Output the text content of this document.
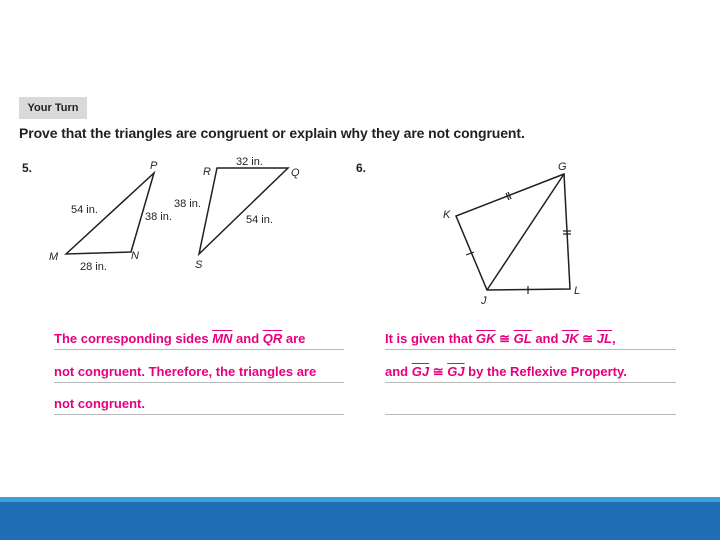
Your Turn
Prove that the triangles are congruent or explain why they are not congruent.
5.	6.
P	R	Q
M	N
S
32 in.
54 in.
38 in.
38 in.
54 in.
28 in.
G
K
J
L
The corresponding sides $\overline{MN}$ and $\overline{QR}$ are
not congruent. Therefore, the triangles are
not congruent.
It is given that $\overline{GK}$ ≅ $\overline{GL}$ and $\overline{JK}$ ≅ $\overline{JL}$,
and $\overline{GJ}$ ≅ $\overline{GJ}$ by the Reflexive Property.
